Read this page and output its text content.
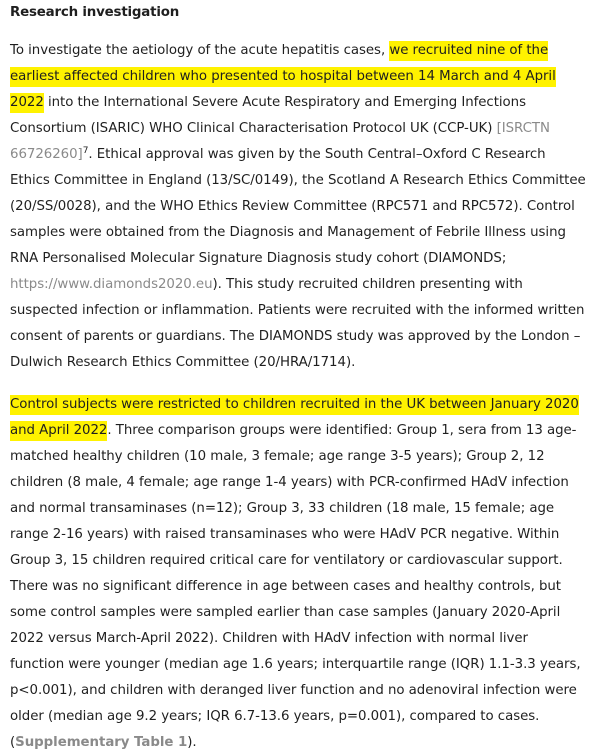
Research investigation

To investigate the aetiology of the acute hepatitis cases, we recruited nine of the
earliest affected children who presented to hospital between 14 March and 4 April
2022 into the International Severe Acute Respiratory and Emerging Infections
Consortium (ISARIC) WHO Clinical Characterisation Protocol UK (CCP-UK) [ISRCTN
66726260]$^7$. Ethical approval was given by the South Central–Oxford C Research
Ethics Committee in England (13/SC/0149), the Scotland A Research Ethics Committee
(20/SS/0028), and the WHO Ethics Review Committee (RPC571 and RPC572). Control
samples were obtained from the Diagnosis and Management of Febrile Illness using
RNA Personalised Molecular Signature Diagnosis study cohort (DIAMONDS;
https://www.diamonds2020.eu). This study recruited children presenting with
suspected infection or inflammation. Patients were recruited with the informed written
consent of parents or guardians. The DIAMONDS study was approved by the London –
Dulwich Research Ethics Committee (20/HRA/1714).

Control subjects were restricted to children recruited in the UK between January 2020
and April 2022. Three comparison groups were identified: Group 1, sera from 13 age-
matched healthy children (10 male, 3 female; age range 3-5 years); Group 2, 12
children (8 male, 4 female; age range 1-4 years) with PCR-confirmed HAdV infection
and normal transaminases (n=12); Group 3, 33 children (18 male, 15 female; age
range 2-16 years) with raised transaminases who were HAdV PCR negative. Within
Group 3, 15 children required critical care for ventilatory or cardiovascular support.
There was no significant difference in age between cases and healthy controls, but
some control samples were sampled earlier than case samples (January 2020-April
2022 versus March-April 2022). Children with HAdV infection with normal liver
function were younger (median age 1.6 years; interquartile range (IQR) 1.1-3.3 years,
p<0.001), and children with deranged liver function and no adenoviral infection were
older (median age 9.2 years; IQR 6.7-13.6 years, p=0.001), compared to cases.
(Supplementary Table 1).
